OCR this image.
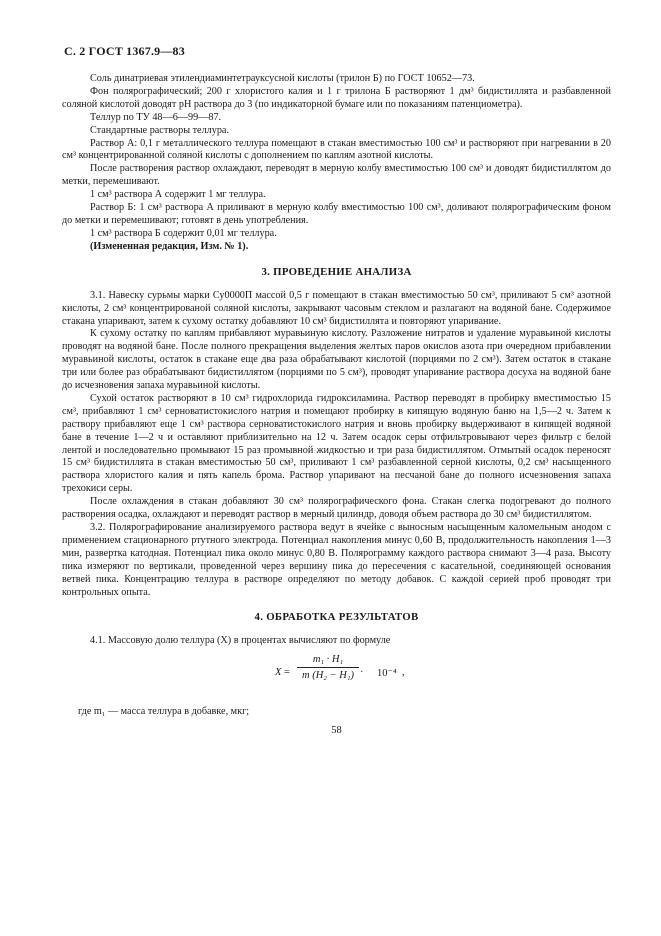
С. 2 ГОСТ 1367.9—83

Соль динатриевая этилендиаминтетрауксусной кислоты (трилон Б) по ГОСТ 10652—73.

Фон полярографический; 200 г хлористого калия и 1 г трилона Б растворяют 1 дм³ бидистиллята и разбавленной соляной кислотой доводят рН раствора до 3 (по индикаторной бумаге или по показаниям патенциометра).

Теллур по ТУ 48—6—99—87.

Стандартные растворы теллура.

Раствор А: 0,1 г металлического теллура помещают в стакан вместимостью 100 см³ и растворяют при нагревании в 20 см³ концентрированной соляной кислоты с дополнением по каплям азотной кислоты.

После растворения раствор охлаждают, переводят в мерную колбу вместимостью 100 см³ и доводят бидистиллятом до метки, перемешивают.

1 см³ раствора А содержит 1 мг теллура.

Раствор Б: 1 см³ раствора А приливают в мерную колбу вместимостью 100 см³, доливают полярографическим фоном до метки и перемешивают; готовят в день употребления.

1 см³ раствора Б содержит 0,01 мг теллура.

(Измененная редакция, Изм. № 1).

3. ПРОВЕДЕНИЕ АНАЛИЗА

3.1. Навеску сурьмы марки Су0000П массой 0,5 г помещают в стакан вместимостью 50 см³, приливают 5 см³ азотной кислоты, 2 см³ концентрированой соляной кислоты, закрывают часовым стеклом и разлагают на водяной бане. Содержимое стакана упаривают, затем к сухому остатку добавляют 10 см³ бидистиллята и повторяют упаривание.

К сухому остатку по каплям прибавляют муравьиную кислоту. Разложение нитратов и удаление муравьиной кислоты проводят на водяной бане. После полного прекращения выделения желтых паров окислов азота при очередном прибавлении муравьиной кислоты, остаток в стакане еще два раза обрабатывают кислотой (порциями по 2 см³). Затем остаток в стакане три или более раз обрабатывают бидистиллятом (порциями по 5 см³), проводят упаривание раствора досуха на водяной бане до исчезновения запаха муравьиной кислоты.

Сухой остаток растворяют в 10 см³ гидрохлорида гидроксиламина. Раствор переводят в пробирку вместимостью 15 см³, прибавляют 1 см³ серноватистокислого натрия и помещают пробирку в кипящую водяную баню на 1,5—2 ч. Затем к раствору прибавляют еще 1 см³ раствора серноватистокислого натрия и вновь пробирку выдерживают в кипящей водяной бане в течение 1—2 ч и оставляют приблизительно на 12 ч. Затем осадок серы отфильтровывают через фильтр с белой лентой и последовательно промывают 15 раз промывной жидкостью и три раза бидистиллятом. Отмытый осадок переносят 15 см³ бидистиллята в стакан вместимостью 50 см³, приливают 1 см³ разбавленной серной кислоты, 0,2 см³ насыщенного раствора хлористого калия и пять капель брома. Раствор упаривают на песчаной бане до полного исчезновения запаха трехокиси серы.

После охлаждения в стакан добавляют 30 см³ полярографического фона. Стакан слегка подогревают до полного растворения осадка, охлаждают и переводят раствор в мерный цилиндр, доводя объем раствора до 30 см³ бидистиллятом.

3.2. Полярографирование анализируемого раствора ведут в ячейке с выносным насыщенным каломельным анодом с применением стационарного ртутного электрода. Потенциал накопления минус 0,60 В, продолжительность накопления 1—3 мин, развертка катодная. Потенциал пика около минус 0,80 В. Полярограмму каждого раствора снимают 3—4 раза. Высоту пика измеряют по вертикали, проведенной через вершину пика до пересечения с касательной, соединяющей основания ветвей пика. Концентрацию теллура в растворе определяют по методу добавок. С каждой серией проб проводят три контрольных опыта.

4. ОБРАБОТКА РЕЗУЛЬТАТОВ

4.1. Массовую долю теллура (X) в процентах вычисляют по формуле

$X = \frac{\text{m₁ · H₁}}{\text{m (H₂ − H₁)}} \cdot 10^{-4}$ ,

где m₁ — масса теллура в добавке, мкг;

58
